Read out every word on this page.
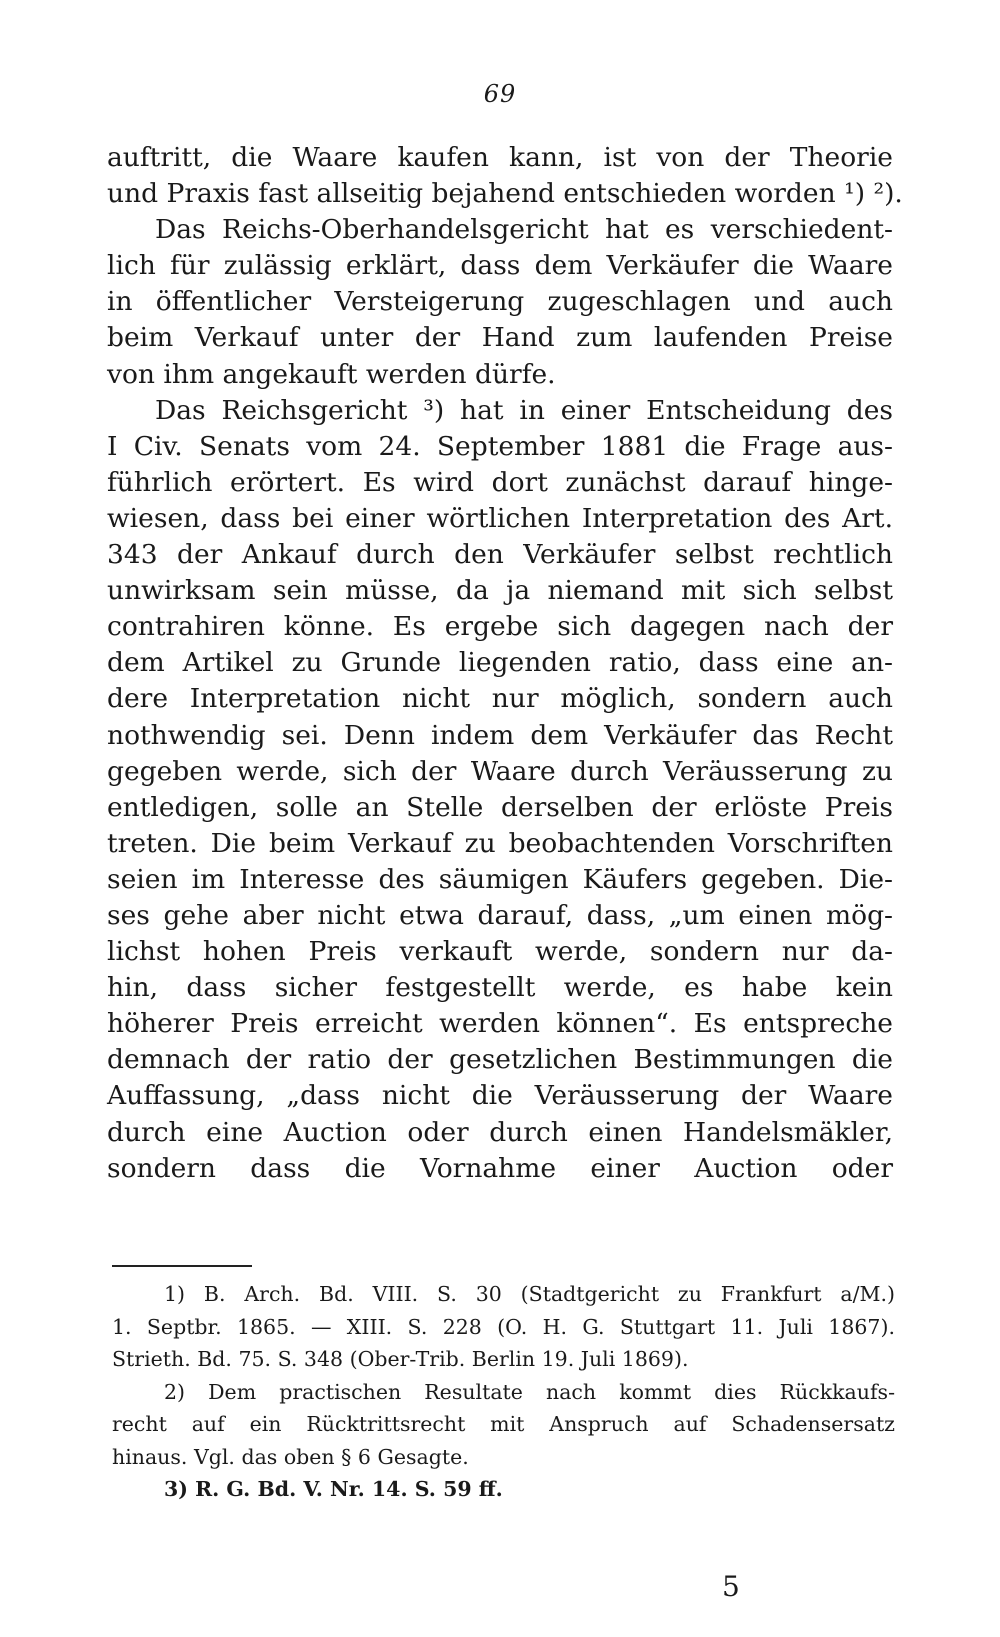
69
auftritt, die Waare kaufen kann, ist von der Theorie
und Praxis fast allseitig bejahend entschieden worden ¹) ²).
Das Reichs-Oberhandelsgericht hat es verschiedent-
lich für zulässig erklärt, dass dem Verkäufer die Waare
in öffentlicher Versteigerung zugeschlagen und auch
beim Verkauf unter der Hand zum laufenden Preise
von ihm angekauft werden dürfe.
Das Reichsgericht ³) hat in einer Entscheidung des
I Civ. Senats vom 24. September 1881 die Frage aus-
führlich erörtert. Es wird dort zunächst darauf hinge-
wiesen, dass bei einer wörtlichen Interpretation des Art.
343 der Ankauf durch den Verkäufer selbst rechtlich
unwirksam sein müsse, da ja niemand mit sich selbst
contrahiren könne. Es ergebe sich dagegen nach der
dem Artikel zu Grunde liegenden ratio, dass eine an-
dere Interpretation nicht nur möglich, sondern auch
nothwendig sei. Denn indem dem Verkäufer das Recht
gegeben werde, sich der Waare durch Veräusserung zu
entledigen, solle an Stelle derselben der erlöste Preis
treten. Die beim Verkauf zu beobachtenden Vorschriften
seien im Interesse des säumigen Käufers gegeben. Die-
ses gehe aber nicht etwa darauf, dass, „um einen mög-
lichst hohen Preis verkauft werde, sondern nur da-
hin, dass sicher festgestellt werde, es habe kein
höherer Preis erreicht werden können“. Es entspreche
demnach der ratio der gesetzlichen Bestimmungen die
Auffassung, „dass nicht die Veräusserung der Waare
durch eine Auction oder durch einen Handelsmäkler,
sondern dass die Vornahme einer Auction oder
1) B. Arch. Bd. VIII. S. 30 (Stadtgericht zu Frankfurt a/M.)
1. Septbr. 1865. — XIII. S. 228 (O. H. G. Stuttgart 11. Juli 1867).
Strieth. Bd. 75. S. 348 (Ober-Trib. Berlin 19. Juli 1869).
2) Dem practischen Resultate nach kommt dies Rückkaufs-
recht auf ein Rücktrittsrecht mit Anspruch auf Schadensersatz
hinaus. Vgl. das oben § 6 Gesagte.
3) R. G. Bd. V. Nr. 14. S. 59 ff.
5
